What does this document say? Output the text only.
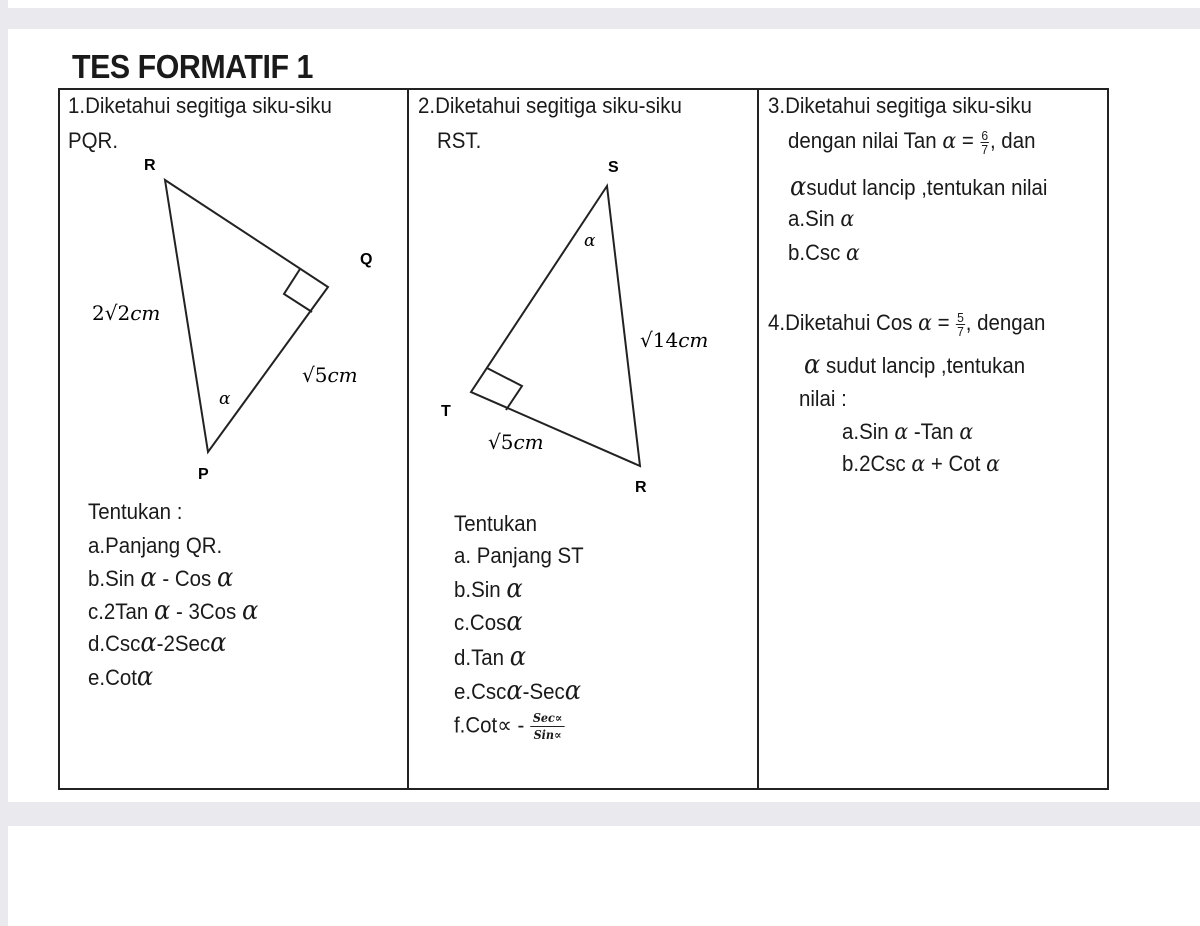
TES FORMATIF 1
1.Diketahui segitiga siku-siku
PQR.
R
Q
P
2√2cm
√5cm
α
Tentukan :
a.Panjang QR.
b.Sin α - Cos α
c.2Tan α - 3Cos α
d.Cscα-2Secα
e.Cotα
2.Diketahui segitiga siku-siku
RST.
S
T
R
α
√14cm
√5cm
Tentukan
a. Panjang ST
b.Sin α
c.Cosα
d.Tan α
e.Cscα-Secα
f.Cot∝ - Sec∝
Sin∝
3.Diketahui segitiga siku-siku
dengan nilai Tan $\alpha = \frac{6}{7}$ , dan
αsudut lancip ,tentukan nilai
a.Sin α
b.Csc α
4.Diketahui Cos $\alpha = \frac{5}{7}$ , dengan
α sudut lancip ,tentukan
nilai :
a.Sin α -Tan α
b.2Csc α + Cot α
